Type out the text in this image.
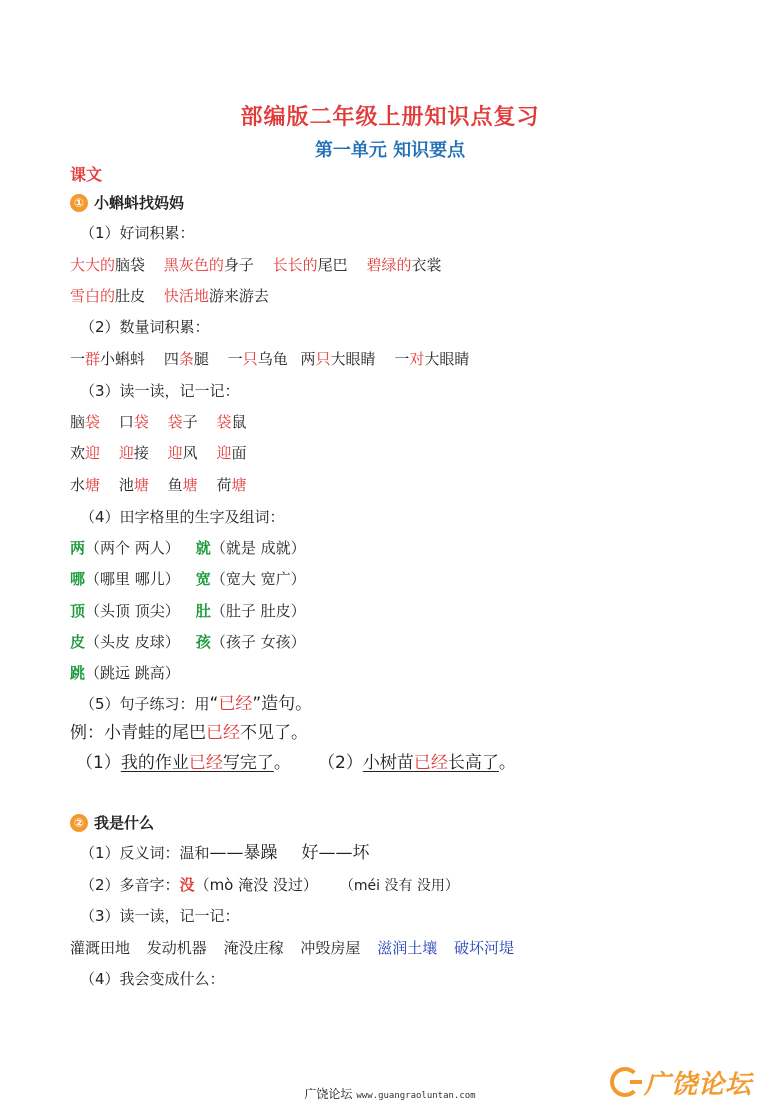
部编版二年级上册知识点复习
第一单元 知识要点
课文
① 小蝌蚪找妈妈
（1）好词积累：
大大的脑袋 黑灰色的身子 长长的尾巴 碧绿的衣裳
雪白的肚皮 快活地游来游去
（2）数量词积累：
一群小蝌蚪 四条腿 一只乌龟 两只大眼睛 一对大眼睛
（3）读一读，记一记：
脑袋 口袋 袋子 袋鼠
欢迎 迎接 迎风 迎面
水塘 池塘 鱼塘 荷塘
（4）田字格里的生字及组词：
两（两个 两人） 就（就是 成就）
哪（哪里 哪儿） 宽（宽大 宽广）
顶（头顶 顶尖） 肚（肚子 肚皮）
皮（头皮 皮球） 孩（孩子 女孩）
跳（跳远 跳高）
（5）句子练习：用“已经”造句。
例：小青蛙的尾巴已经不见了。
（1）我的作业已经写完了。 （2）小树苗已经长高了。
② 我是什么
（1）反义词：温和——暴躁 好——坏
（2）多音字：没（mò 淹没 没过） （méi 没有 没用）
（3）读一读，记一记：
灌溉田地 发动机器 淹没庄稼 冲毁房屋 滋润土壤 破坏河堤
（4）我会变成什么：
广饶论坛
广饶论坛 www.guangraoluntan.com
